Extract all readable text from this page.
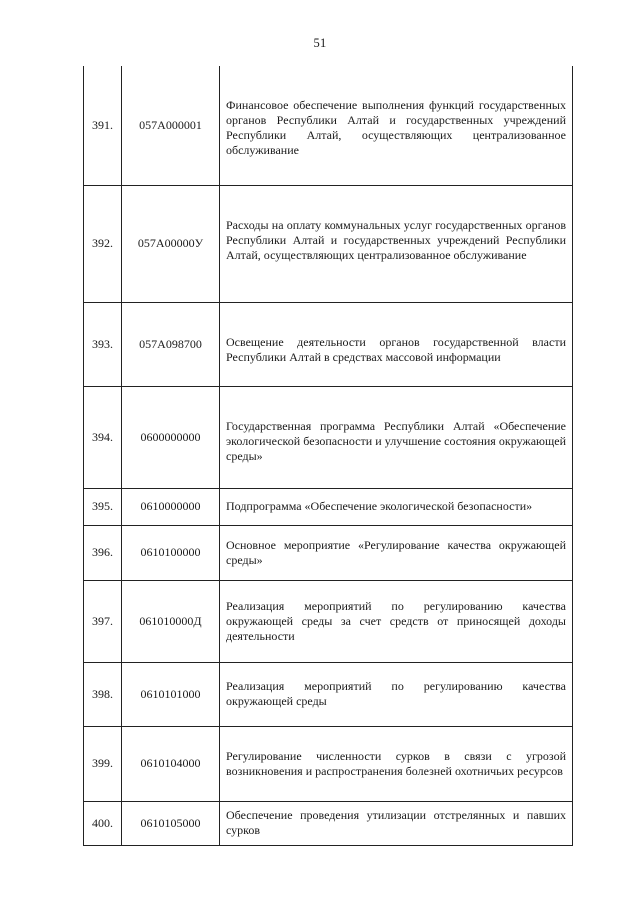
51
391.	057А000001	Финансовое обеспечение выполнения функций государственных органов Республики Алтай и государственных учреждений Республики Алтай, осуществляющих централизованное обслуживание
392.	057А00000У	Расходы на оплату коммунальных услуг государственных органов Республики Алтай и государственных учреждений Республики Алтай, осуществляющих централизованное обслуживание
393.	057А098700	Освещение деятельности органов государственной власти Республики Алтай в средствах массовой информации
394.	0600000000	Государственная программа Республики Алтай «Обеспечение экологической безопасности и улучшение состояния окружающей среды»
395.	0610000000	Подпрограмма «Обеспечение экологической безопасности»
396.	0610100000	Основное мероприятие «Регулирование качества окружающей среды»
397.	061010000Д	Реализация мероприятий по регулированию качества окружающей среды за счет средств от приносящей доходы деятельности
398.	0610101000	Реализация мероприятий по регулированию качества окружающей среды
399.	0610104000	Регулирование численности сурков в связи с угрозой возникновения и распространения болезней охотничьих ресурсов
400.	0610105000	Обеспечение проведения утилизации отстрелянных и павших сурков
